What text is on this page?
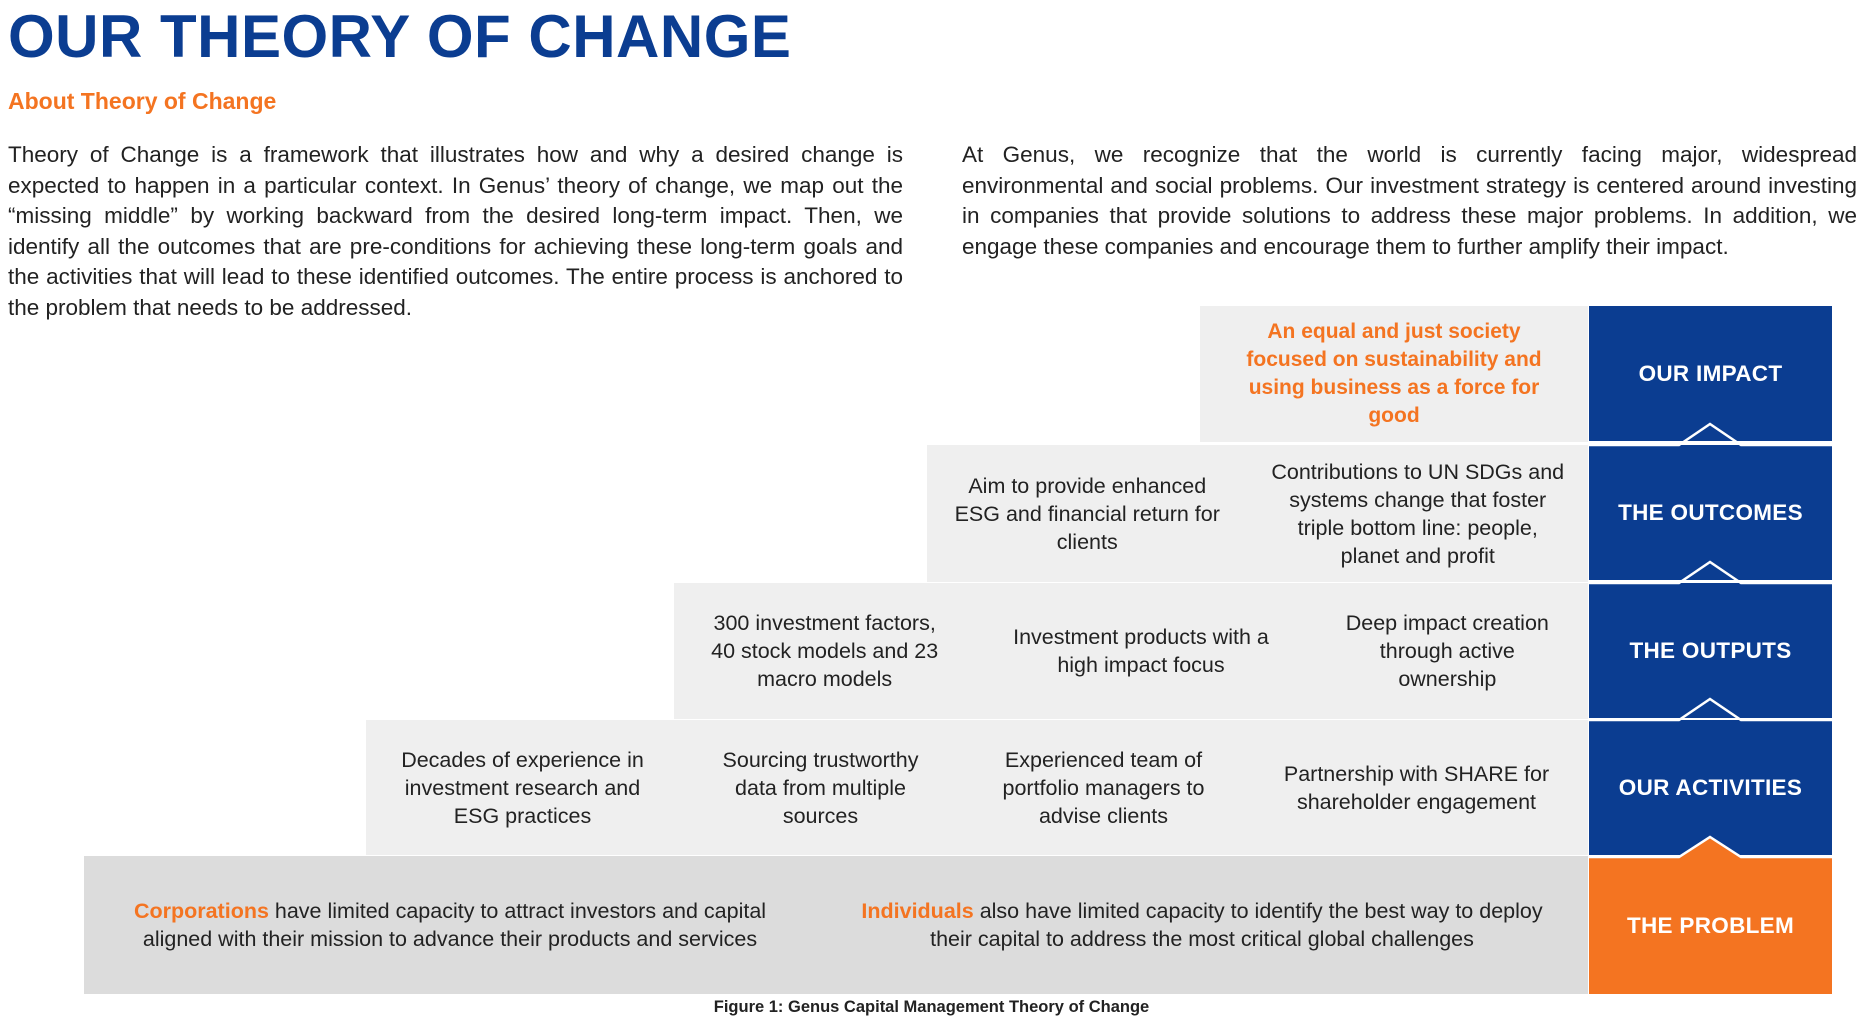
OUR THEORY OF CHANGE
About Theory of Change

Theory of Change is a framework that illustrates how and why a desired change is expected to happen in a particular context. In Genus’ theory of change, we map out the “missing middle” by working backward from the desired long-term impact. Then, we identify all the outcomes that are pre-conditions for achieving these long-term goals and the activities that will lead to these identified outcomes. The entire process is anchored to the problem that needs to be addressed.

At Genus, we recognize that the world is currently facing major, widespread environmental and social problems. Our investment strategy is centered around investing in companies that provide solutions to address these major problems. In addition, we engage these companies and encourage them to further amplify their impact.

An equal and just society focused on sustainability and using business as a force for good
Aim to provide enhanced ESG and financial return for clients
Contributions to UN SDGs and systems change that foster triple bottom line: people, planet and profit
300 investment factors, 40 stock models and 23 macro models
Investment products with a high impact focus
Deep impact creation through active ownership
Decades of experience in investment research and ESG practices
Sourcing trustworthy data from multiple sources
Experienced team of portfolio managers to advise clients
Partnership with SHARE for shareholder engagement
Corporations have limited capacity to attract investors and capital aligned with their mission to advance their products and services
Individuals also have limited capacity to identify the best way to deploy their capital to address the most critical global challenges
OUR IMPACT
THE OUTCOMES
THE OUTPUTS
OUR ACTIVITIES
THE PROBLEM

Figure 1: Genus Capital Management Theory of Change
